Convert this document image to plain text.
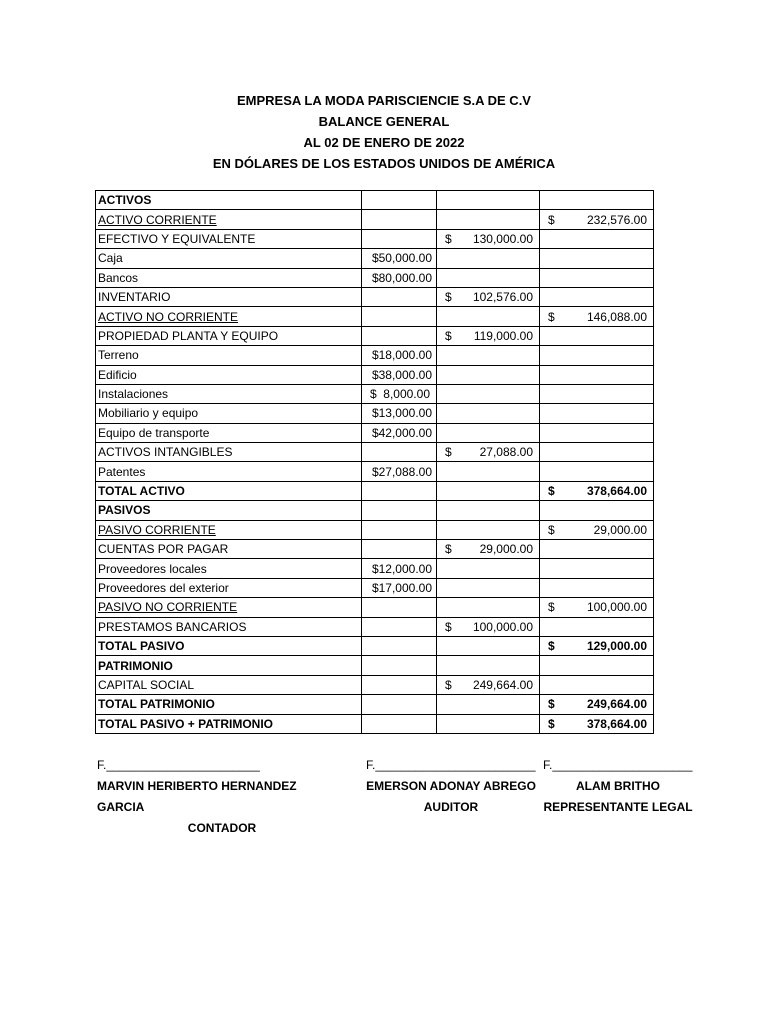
EMPRESA LA MODA PARISCIENCIE S.A DE C.V
BALANCE GENERAL
AL 02 DE ENERO DE 2022
EN DÓLARES DE LOS ESTADOS UNIDOS DE AMÉRICA
ACTIVOS			
ACTIVO CORRIENTE			$ 232,576.00

EFECTIVO Y EQUIVALENTE		$ 130,000.00	

Caja	$50,000.00		
Bancos	$80,000.00		
INVENTARIO		$ 102,576.00	

ACTIVO NO CORRIENTE			$ 146,088.00

PROPIEDAD PLANTA Y EQUIPO		$ 119,000.00	

Terreno	$18,000.00		
Edificio	$38,000.00		
Instalaciones	$ 8,000.00		

Mobiliario y equipo	$13,000.00		
Equipo de transporte	$42,000.00		
ACTIVOS INTANGIBLES		$ 27,088.00	

Patentes	$27,088.00		
TOTAL ACTIVO			$ 378,664.00

PASIVOS			
PASIVO CORRIENTE			$ 29,000.00

CUENTAS POR PAGAR		$ 29,000.00	

Proveedores locales	$12,000.00		
Proveedores del exterior	$17,000.00		
PASIVO NO CORRIENTE			$ 100,000.00

PRESTAMOS BANCARIOS		$ 100,000.00	

TOTAL PASIVO			$ 129,000.00

PATRIMONIO			
CAPITAL SOCIAL		$ 249,664.00	

TOTAL PATRIMONIO			$ 249,664.00

TOTAL PASIVO + PATRIMONIO			$ 378,664.00
F._______________________
MARVIN HERIBERTO HERNANDEZ GARCIA
CONTADOR
F.________________________
EMERSON ADONAY ABREGO
AUDITOR
F._____________________
ALAM BRITHO
REPRESENTANTE LEGAL
